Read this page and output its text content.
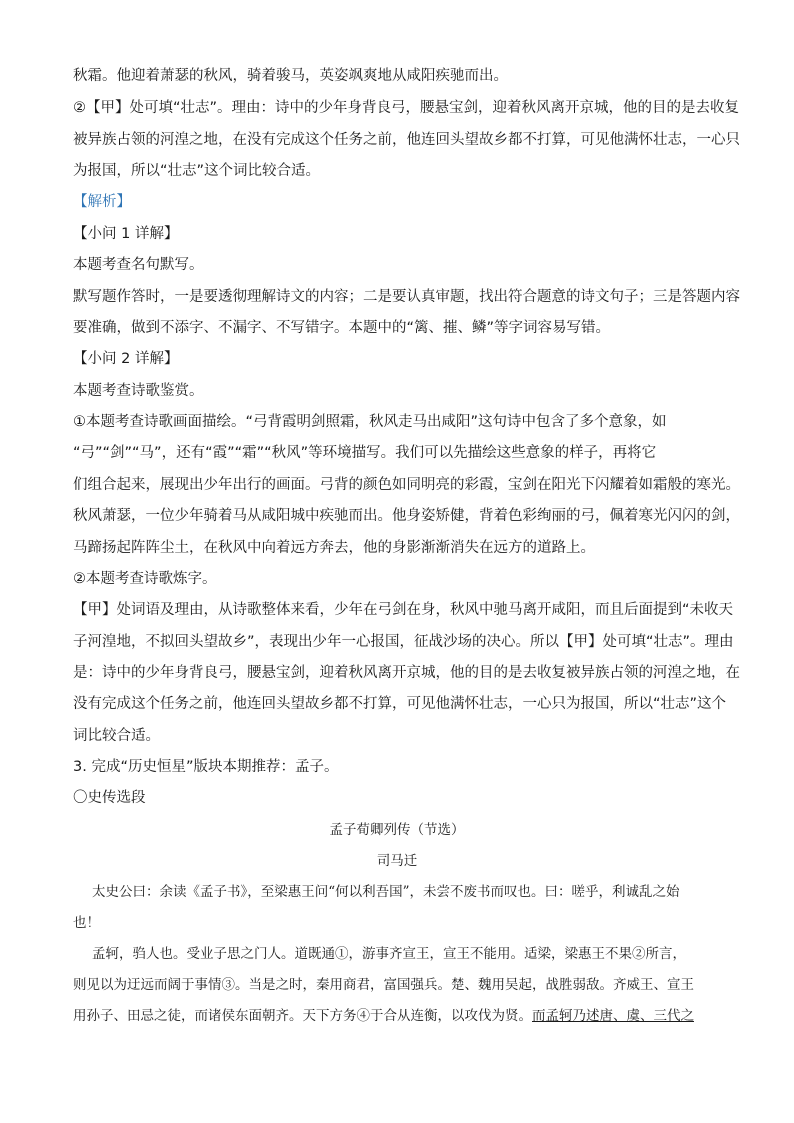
秋霜。他迎着萧瑟的秋风，骑着骏马，英姿飒爽地从咸阳疾驰而出。
②【甲】处可填“壮志”。理由：诗中的少年身背良弓，腰悬宝剑，迎着秋风离开京城，他的目的是去收复
被异族占领的河湟之地，在没有完成这个任务之前，他连回头望故乡都不打算，可见他满怀壮志，一心只
为报国，所以“壮志”这个词比较合适。
【解析】
【小问 1 详解】
本题考查名句默写。
默写题作答时，一是要透彻理解诗文的内容；二是要认真审题，找出符合题意的诗文句子；三是答题内容
要准确，做到不添字、不漏字、不写错字。本题中的“篱、摧、鳞”等字词容易写错。
【小问 2 详解】
本题考查诗歌鉴赏。
①本题考查诗歌画面描绘。“弓背霞明剑照霜，秋风走马出咸阳”这句诗中包含了多个意象，如
“弓”“剑”“马”，还有“霞”“霜”“秋风”等环境描写。我们可以先描绘这些意象的样子，再将它
们组合起来，展现出少年出行的画面。弓背的颜色如同明亮的彩霞，宝剑在阳光下闪耀着如霜般的寒光。
秋风萧瑟，一位少年骑着马从咸阳城中疾驰而出。他身姿矫健，背着色彩绚丽的弓，佩着寒光闪闪的剑，
马蹄扬起阵阵尘土，在秋风中向着远方奔去，他的身影渐渐消失在远方的道路上。
②本题考查诗歌炼字。
【甲】处词语及理由，从诗歌整体来看，少年在弓剑在身，秋风中驰马离开咸阳，而且后面提到“未收天
子河湟地，不拟回头望故乡”，表现出少年一心报国，征战沙场的决心。所以【甲】处可填“壮志”。理由
是：诗中的少年身背良弓，腰悬宝剑，迎着秋风离开京城，他的目的是去收复被异族占领的河湟之地，在
没有完成这个任务之前，他连回头望故乡都不打算，可见他满怀壮志，一心只为报国，所以“壮志”这个
词比较合适。
3. 完成“历史恒星”版块本期推荐：孟子。
〇史传选段
孟子荀卿列传（节选）
司马迁
太史公曰：余读《孟子书》，至梁惠王问“何以利吾国”，未尝不废书而叹也。曰：嗟乎，利诚乱之始
也！
孟轲，驺人也。受业子思之门人。道既通①，游事齐宣王，宣王不能用。适梁，梁惠王不果②所言，
则见以为迂远而阔于事情③。当是之时，秦用商君，富国强兵。楚、魏用吴起，战胜弱敌。齐威王、宣王
用孙子、田忌之徒，而诸侯东面朝齐。天下方务④于合从连衡，以攻伐为贤。而孟轲乃述唐、虞、三代之
